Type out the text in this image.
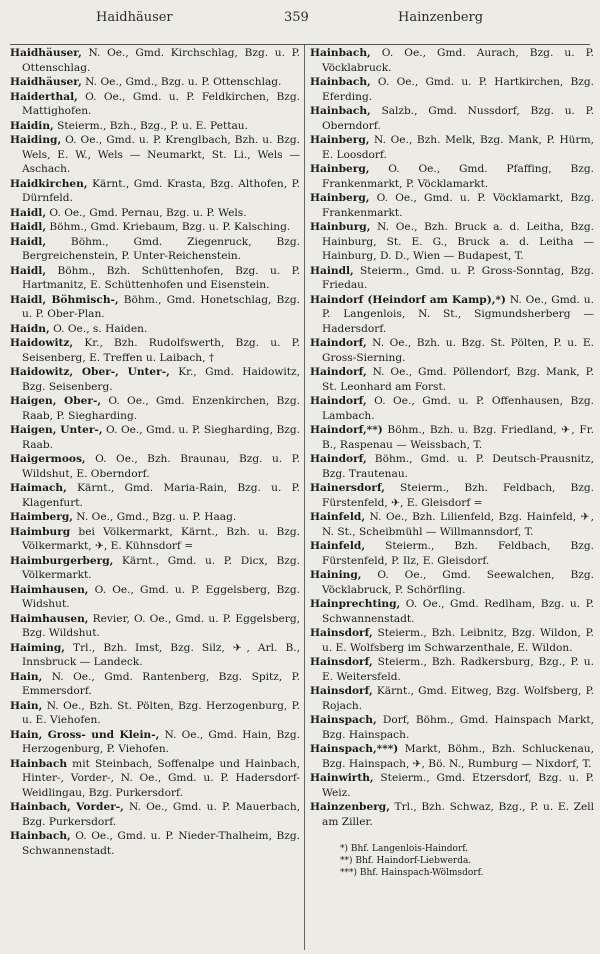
Haidhäuser	359	Hainzenberg
Haidhäuser, N. Oe., Gmd. Kirchschlag, Bzg. u. P. Ottenschlag.
Haidhäuser, N. Oe., Gmd., Bzg. u. P. Ottenschlag.
Haiderthal, O. Oe., Gmd. u. P. Feldkirchen, Bzg. Mattighofen.
Haidin, Steierm., Bzh., Bzg., P. u. E. Pettau.
Haiding, O. Oe., Gmd. u. P. Krenglbach, Bzh. u. Bzg. Wels, E. W., Wels — Neumarkt, St. Li., Wels — Aschach.
Haidkirchen, Kärnt., Gmd. Krasta, Bzg. Althofen, P. Dürnfeld.
Haidl, O. Oe., Gmd. Pernau, Bzg. u. P. Wels.
Haidl, Böhm., Gmd. Kriebaum, Bzg. u. P. Kalsching.
Haidl, Böhm., Gmd. Ziegenruck, Bzg. Bergreichenstein, P. Unter-Reichenstein.
Haidl, Böhm., Bzh. Schüttenhofen, Bzg. u. P. Hartmanitz, E. Schüttenhofen und Eisenstein.
Haidl, Böhmisch-, Böhm., Gmd. Honetschlag, Bzg. u. P. Ober-Plan.
Haidn, O. Oe., s. Haiden.
Haidowitz, Kr., Bzh. Rudolfswerth, Bzg. u. P. Seisenberg, E. Treffen u. Laibach, †
Haidowitz, Ober-, Unter-, Kr., Gmd. Haidowitz, Bzg. Seisenberg.
Haigen, Ober-, O. Oe., Gmd. Enzenkirchen, Bzg. Raab, P. Siegharding.
Haigen, Unter-, O. Oe., Gmd. u. P. Siegharding, Bzg. Raab.
Haigermoos, O. Oe., Bzh. Braunau, Bzg. u. P. Wildshut, E. Oberndorf.
Haimach, Kärnt., Gmd. Maria-Rain, Bzg. u. P. Klagenfurt.
Haimberg, N. Oe., Gmd., Bzg. u. P. Haag.
Haimburg bei Völkermarkt, Kärnt., Bzh. u. Bzg. Völkermarkt, ✈, E. Kühnsdorf =
Haimburgerberg, Kärnt., Gmd. u. P. Dicx, Bzg. Völkermarkt.
Haimhausen, O. Oe., Gmd. u. P. Eggelsberg, Bzg. Widshut.
Haimhausen, Revier, O. Oe., Gmd. u. P. Eggelsberg, Bzg. Wildshut.
Haiming, Trl., Bzh. Imst, Bzg. Silz, ✈, Arl. B., Innsbruck — Landeck.
Hain, N. Oe., Gmd. Rantenberg, Bzg. Spitz, P. Emmersdorf.
Hain, N. Oe., Bzh. St. Pölten, Bzg. Herzogenburg, P. u. E. Viehofen.
Hain, Gross- und Klein-, N. Oe., Gmd. Hain, Bzg. Herzogenburg, P. Viehofen.
Hainbach mit Steinbach, Soffenalpe und Hainbach, Hinter-, Vorder-, N. Oe., Gmd. u. P. Hadersdorf-Weidlingau, Bzg. Purkersdorf.
Hainbach, Vorder-, N. Oe., Gmd. u. P. Mauerbach, Bzg. Purkersdorf.
Hainbach, O. Oe., Gmd. u. P. Nieder-Thalheim, Bzg. Schwannenstadt.
Hainbach, O. Oe., Gmd. Aurach, Bzg. u. P. Vöcklabruck.
Hainbach, O. Oe., Gmd. u. P. Hartkirchen, Bzg. Eferding.
Hainbach, Salzb., Gmd. Nussdorf, Bzg. u. P. Oberndorf.
Hainberg, N. Oe., Bzh. Melk, Bzg. Mank, P. Hürm, E. Loosdorf.
Hainberg, O. Oe., Gmd. Pfaffing, Bzg. Frankenmarkt, P. Vöcklamarkt.
Hainberg, O. Oe., Gmd. u. P. Vöcklamarkt, Bzg. Frankenmarkt.
Hainburg, N. Oe., Bzh. Bruck a. d. Leitha, Bzg. Hainburg, St. E. G., Bruck a. d. Leitha — Hainburg, D. D., Wien — Budapest, T.
Haindl, Steierm., Gmd. u. P. Gross-Sonntag, Bzg. Friedau.
Haindorf (Heindorf am Kamp),*) N. Oe., Gmd. u. P. Langenlois, N. St., Sigmundsherberg — Hadersdorf.
Haindorf, N. Oe., Bzh. u. Bzg. St. Pölten, P. u. E. Gross-Sierning.
Haindorf, N. Oe., Gmd. Pöllendorf, Bzg. Mank, P. St. Leonhard am Forst.
Haindorf, O. Oe., Gmd. u. P. Offenhausen, Bzg. Lambach.
Haindorf,**) Böhm., Bzh. u. Bzg. Friedland, ✈, Fr. B., Raspenau — Weissbach, T.
Haindorf, Böhm., Gmd. u. P. Deutsch-Prausnitz, Bzg. Trautenau.
Hainersdorf, Steierm., Bzh. Feldbach, Bzg. Fürstenfeld, ✈, E. Gleisdorf =
Hainfeld, N. Oe., Bzh. Lilienfeld, Bzg. Hainfeld, ✈, N. St., Scheibmühl — Willmannsdorf, T.
Hainfeld, Steierm., Bzh. Feldbach, Bzg. Fürstenfeld, P. Ilz, E. Gleisdorf.
Haining, O. Oe., Gmd. Seewalchen, Bzg. Vöcklabruck, P. Schörfling.
Hainprechting, O. Oe., Gmd. Redlham, Bzg. u. P. Schwannenstadt.
Hainsdorf, Steierm., Bzh. Leibnitz, Bzg. Wildon, P. u. E. Wolfsberg im Schwarzenthale, E. Wildon.
Hainsdorf, Steierm., Bzh. Radkersburg, Bzg., P. u. E. Weitersfeld.
Hainsdorf, Kärnt., Gmd. Eitweg, Bzg. Wolfsberg, P. Rojach.
Hainspach, Dorf, Böhm., Gmd. Hainspach Markt, Bzg. Hainspach.
Hainspach,***) Markt, Böhm., Bzh. Schluckenau, Bzg. Hainspach, ✈, Bö. N., Rumburg — Nixdorf, T.
Hainwirth, Steierm., Gmd. Etzersdorf, Bzg. u. P. Weiz.
Hainzenberg, Trl., Bzh. Schwaz, Bzg., P. u. E. Zell am Ziller.
*) Bhf. Langenlois-Haindorf.
**) Bhf. Haindorf-Liebwerda.
***) Bhf. Hainspach-Wölmsdorf.
